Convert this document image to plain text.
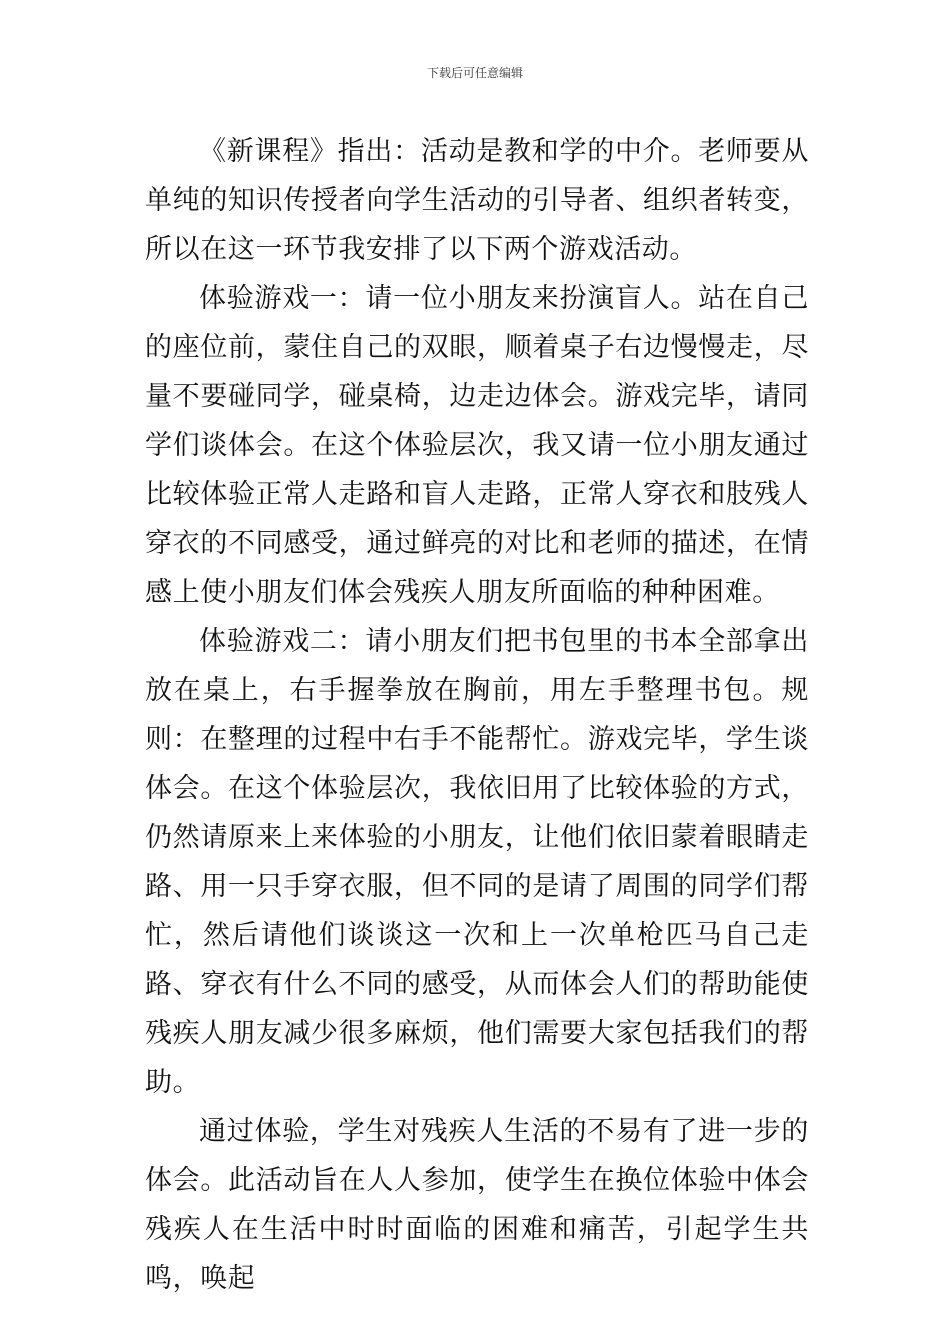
下载后可任意编辑

《新课程》指出：活动是教和学的中介。老师要从单纯的知识传授者向学生活动的引导者、组织者转变，所以在这一环节我安排了以下两个游戏活动。

体验游戏一：请一位小朋友来扮演盲人。站在自己的座位前，蒙住自己的双眼，顺着桌子右边慢慢走，尽量不要碰同学，碰桌椅，边走边体会。游戏完毕，请同学们谈体会。在这个体验层次，我又请一位小朋友通过比较体验正常人走路和盲人走路，正常人穿衣和肢残人穿衣的不同感受，通过鲜亮的对比和老师的描述，在情感上使小朋友们体会残疾人朋友所面临的种种困难。

体验游戏二：请小朋友们把书包里的书本全部拿出放在桌上，右手握拳放在胸前，用左手整理书包。规则：在整理的过程中右手不能帮忙。游戏完毕，学生谈体会。在这个体验层次，我依旧用了比较体验的方式，仍然请原来上来体验的小朋友，让他们依旧蒙着眼睛走路、用一只手穿衣服，但不同的是请了周围的同学们帮忙，然后请他们谈谈这一次和上一次单枪匹马自己走路、穿衣有什么不同的感受，从而体会人们的帮助能使残疾人朋友减少很多麻烦，他们需要大家包括我们的帮助。

通过体验，学生对残疾人生活的不易有了进一步的体会。此活动旨在人人参加，使学生在换位体验中体会残疾人在生活中时时面临的困难和痛苦，引起学生共鸣，唤起
